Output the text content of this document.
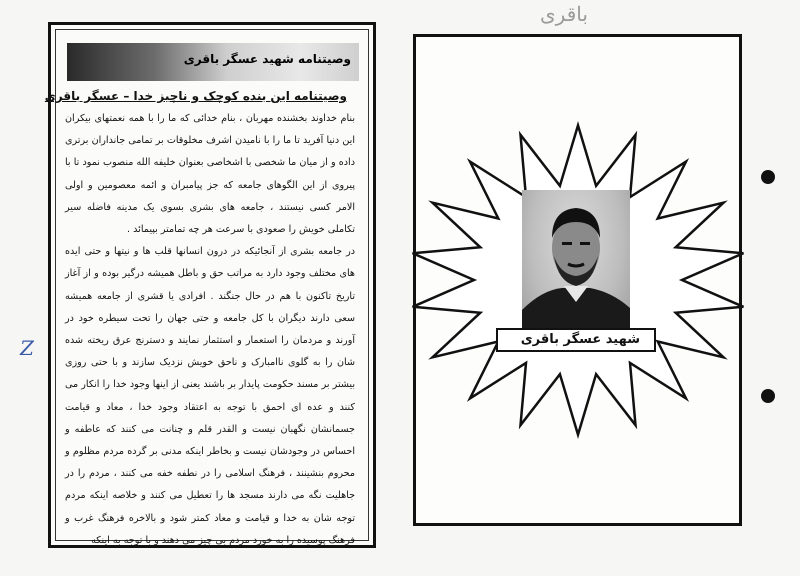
ﺑﺎﻗﺮﯼ
وصیتنامه شهید عسگر باقری
وصیتنامه این بنده کوچک و ناچیز خدا – عسگر باقری

بنام خداوند بخشنده مهربان ، بنام خدائی که ما را با همه نعمتهای بیکران این دنیا آفرید تا ما را با نامیدن اشرف مخلوقات بر تمامی جانداران برتری داده و از میان ما شخصی با اشخاصی بعنوان خلیفه الله منصوب نمود تا با پیروی از این الگوهای جامعه که جز پیامبران و ائمه معصومین و اولی الامر کسی نیستند ، جامعه های بشری بسوی یک مدینه فاضله سیر تکاملی خویش را صعودی با سرعت هر چه تمامتر بپیمائد .

در جامعه بشری از آنجائیکه در درون انسانها قلب ها و نیتها و حتی ایده های مختلف وجود دارد به مراتب حق و باطل همیشه درگیر بوده و از آغاز تاریخ تاکنون با هم در حال جنگند . افرادی یا قشری از جامعه همیشه سعی دارند دیگران با کل جامعه و حتی جهان را تحت سیطره خود در آورند و مردمان را استعمار و استثمار نمایند و دسترنج عرق ریخته شده شان را به گلوی ناامبارک و ناحق خویش نزدیک سازند و با حتی روزی بیشتر بر مسند حکومت پایدار بر باشند یعنی از اینها وجود خدا را انکار می کنند و عده ای احمق با توجه به اعتقاد وجود خدا ، معاد و قیامت جسمانشان نگهبان نیست و القدر قلم و چنانت می کنند که عاطفه و احساس در وجودشان نیست و بخاطر اینکه مدنی بر گرده مردم مظلوم و محروم بنشینند ، فرهنگ اسلامی را در نطفه خفه می کنند ، مردم را در جاهلیت نگه می دارند مسجد ها را تعطیل می کنند و خلاصه اینکه مردم توجه شان به خدا و قیامت و معاد کمتر شود و بالاخره فرهنگ غرب و فرهنگ پوسیده را به خورد مردم بی چیز می دهند و با توجه به اینکه

Z	شهید عسگر باقری
